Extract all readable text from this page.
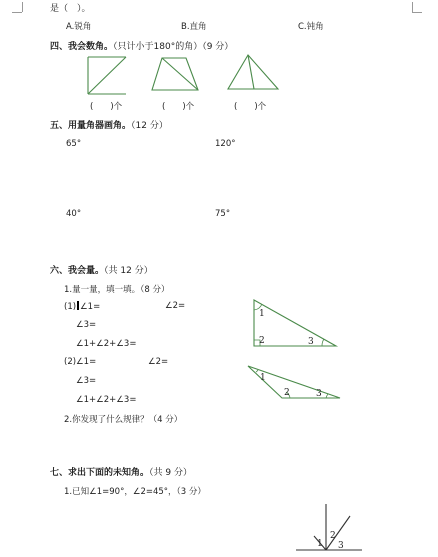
是（　）。
A.锐角	B.直角	C.钝角
四、我会数角。（只计小于180°的角）（9 分）
(　　)个	(　　)个	(　　)个
五、用量角器画角。（12 分）
65°	120°
40°	75°
六、我会量。（共 12 分）
1.量一量，填一填。（8 分）
(1) ∠1=	∠2=
∠3=
∠1+∠2+∠3=
(2)∠1=	∠2=
∠3=
∠1+∠2+∠3=
2.你发现了什么规律？（4 分）
1
2	3
1
2	3
七、求出下面的未知角。（共 9 分）
1.已知∠1=90°，∠2=45°，（3 分）
1
2
3
